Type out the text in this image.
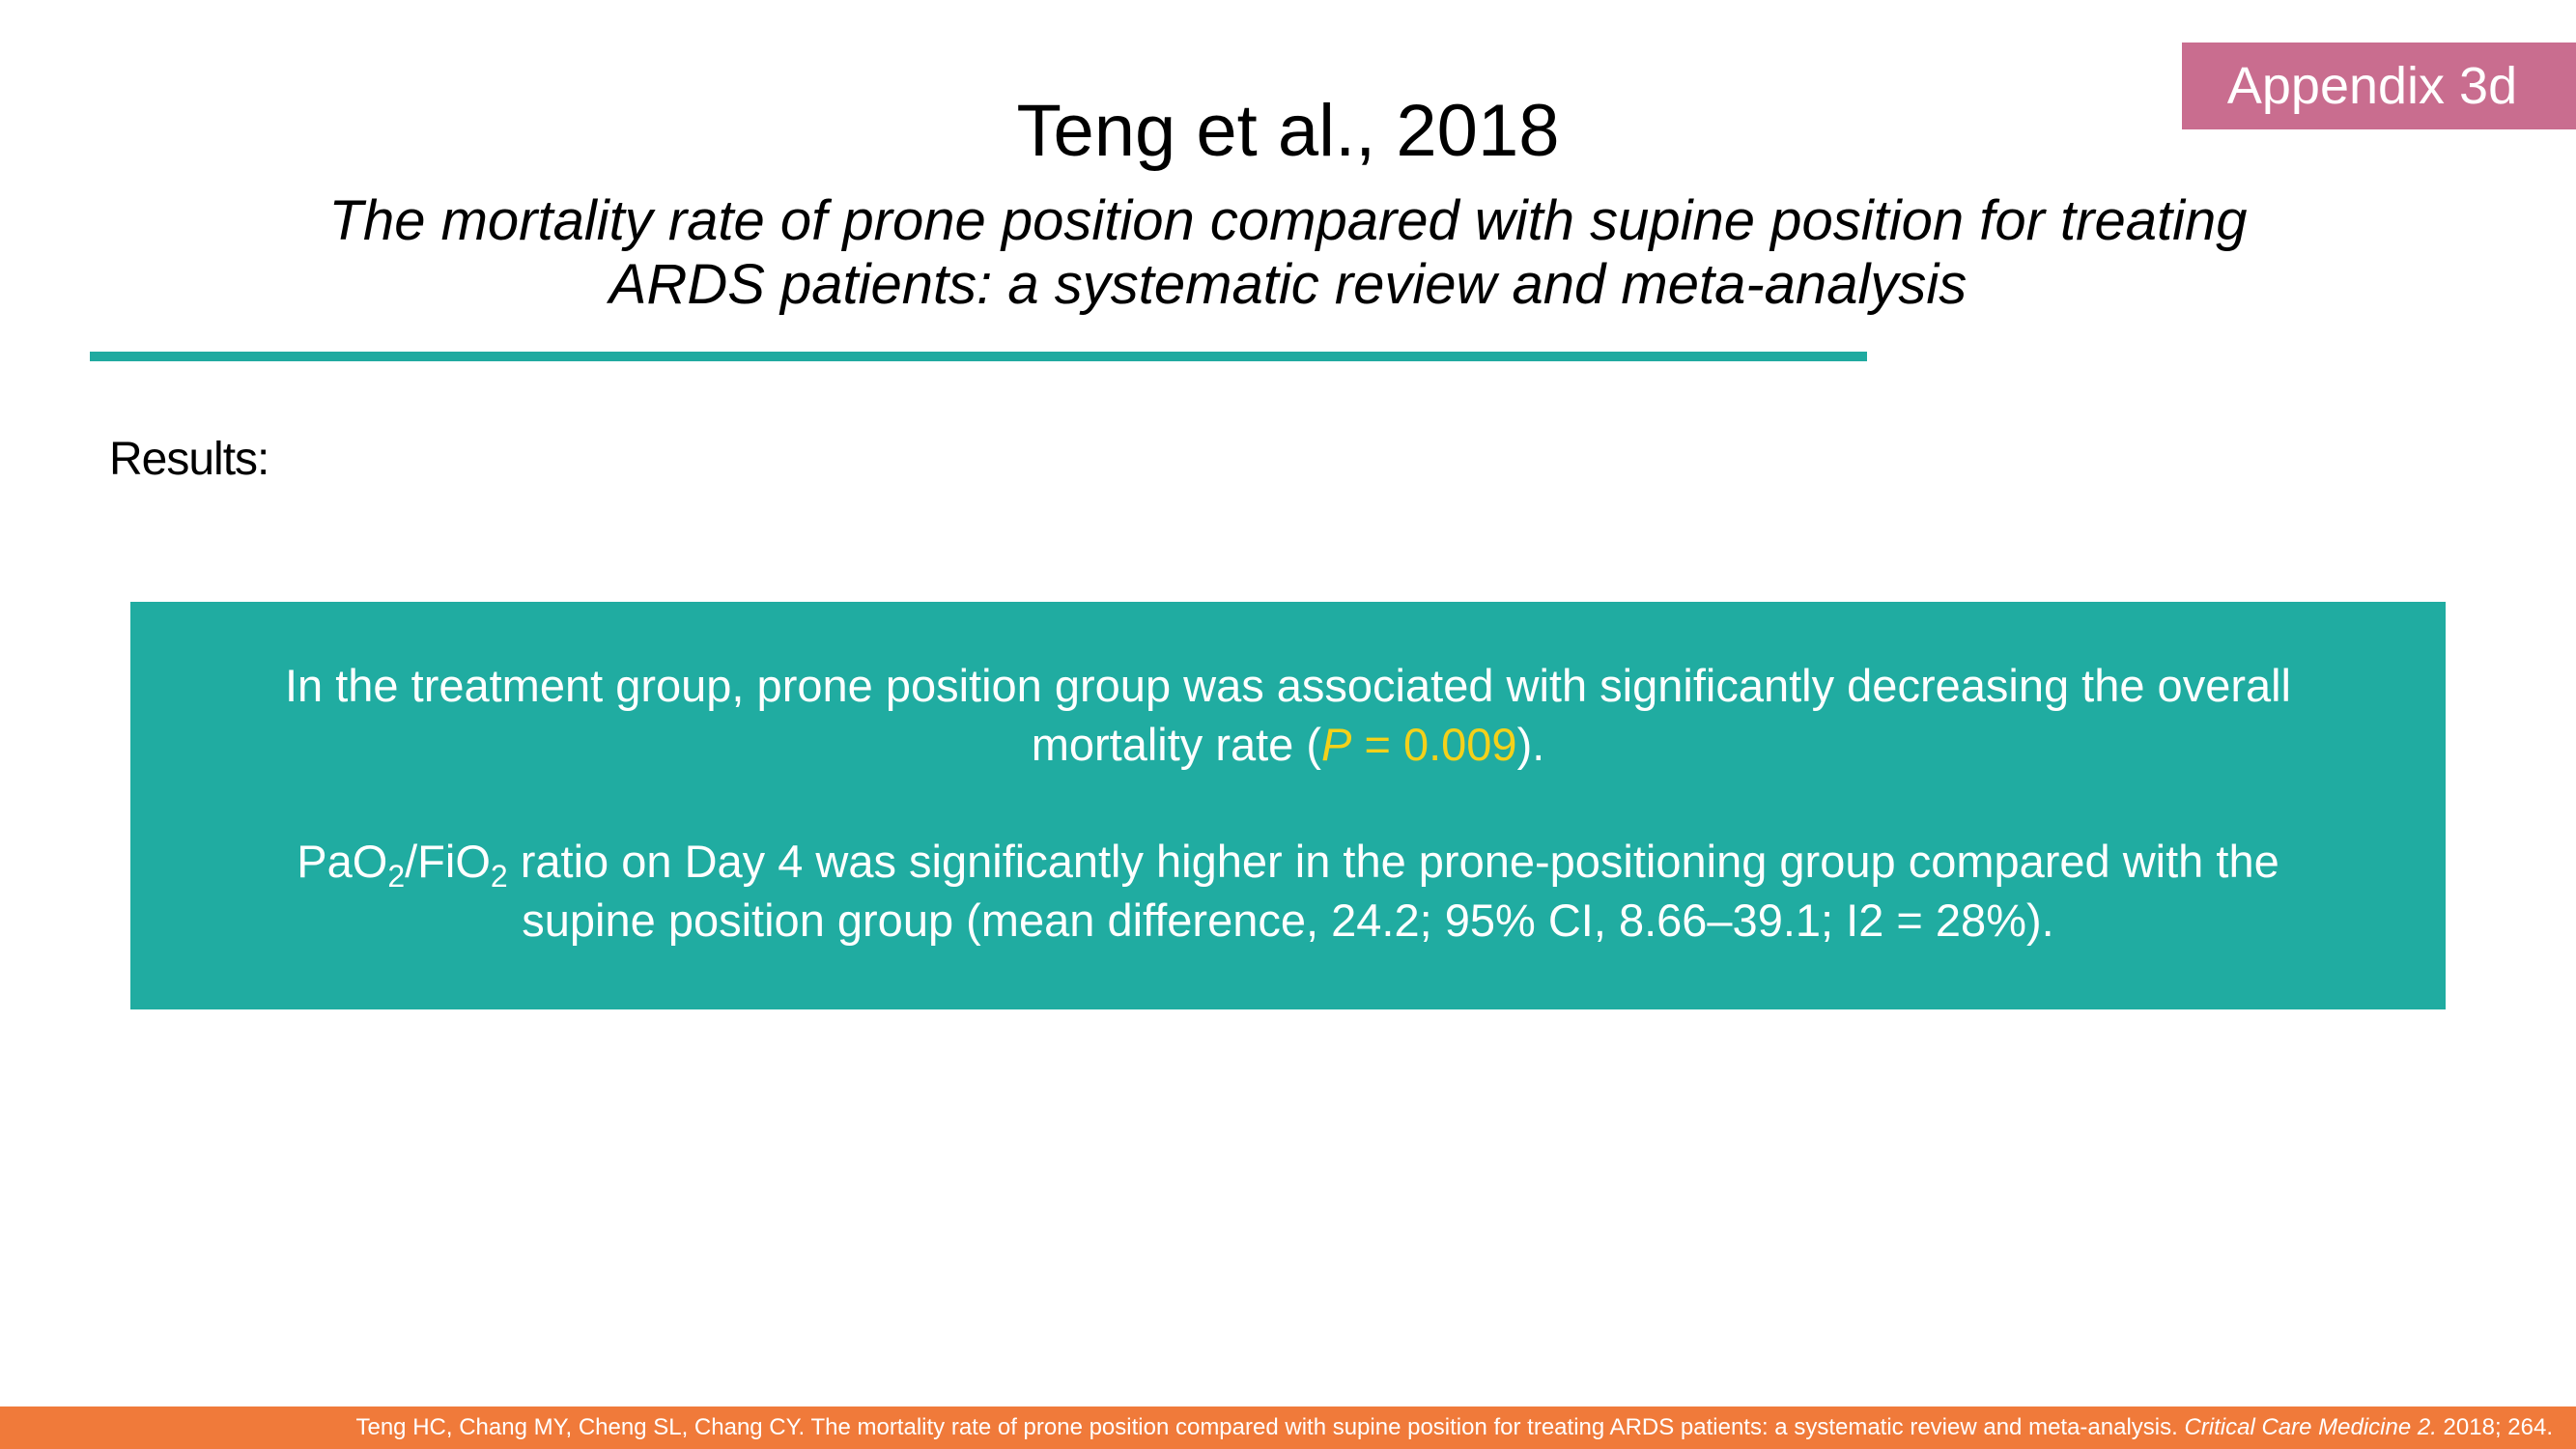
Appendix 3d
Teng et al., 2018
The mortality rate of prone position compared with supine position for treating
ARDS patients: a systematic review and meta-analysis
Results:

In the treatment group, prone position group was associated with significantly decreasing the overall
mortality rate (P = 0.009).

PaO$_2$/FiO$_2$ ratio on Day 4 was significantly higher in the prone-positioning group compared with the
supine position group (mean difference, 24.2; 95% CI, 8.66–39.1; I2 = 28%).

Teng HC, Chang MY, Cheng SL, Chang CY. The mortality rate of prone position compared with supine position for treating ARDS patients: a systematic review and meta-analysis. Critical Care Medicine 2. 2018; 264.
